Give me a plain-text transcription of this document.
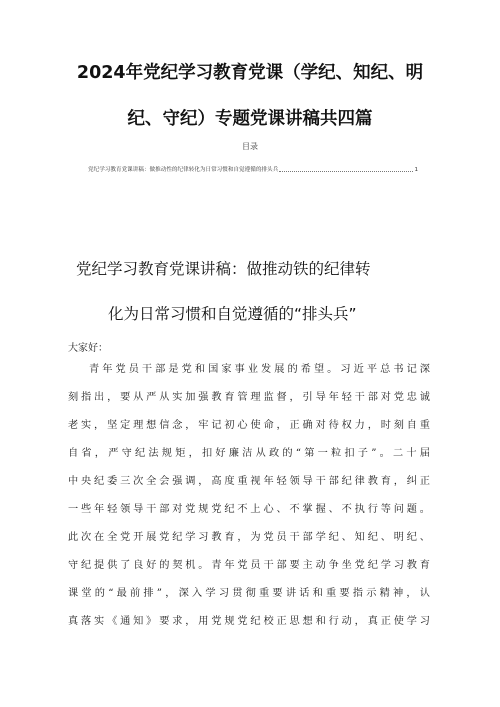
2024年党纪学习教育党课（学纪、知纪、明
纪、守纪）专题党课讲稿共四篇
目录
党纪学习教育党课讲稿：做推动性的纪律转化为日常习惯和自觉遵循的排头兵	1
党纪学习教育党课讲稿：做推动铁的纪律转
化为日常习惯和自觉遵循的“排头兵”
大家好：
青年党员干部是党和国家事业发展的希望。习近平总书记深
刻指出，要从严从实加强教育管理监督，引导年轻干部对党忠诚
老实，坚定理想信念，牢记初心使命，正确对待权力，时刻自重
自省，严守纪法规矩，扣好廉洁从政的“第一粒扣子”。二十届
中央纪委三次全会强调，高度重视年轻领导干部纪律教育，纠正
一些年轻领导干部对党规党纪不上心、不掌握、不执行等问题。
此次在全党开展党纪学习教育，为党员干部学纪、知纪、明纪、
守纪提供了良好的契机。青年党员干部要主动争坐党纪学习教育
课堂的“最前排”，深入学习贯彻重要讲话和重要指示精神，认
真落实《通知》要求，用党规党纪校正思想和行动，真正使学习
